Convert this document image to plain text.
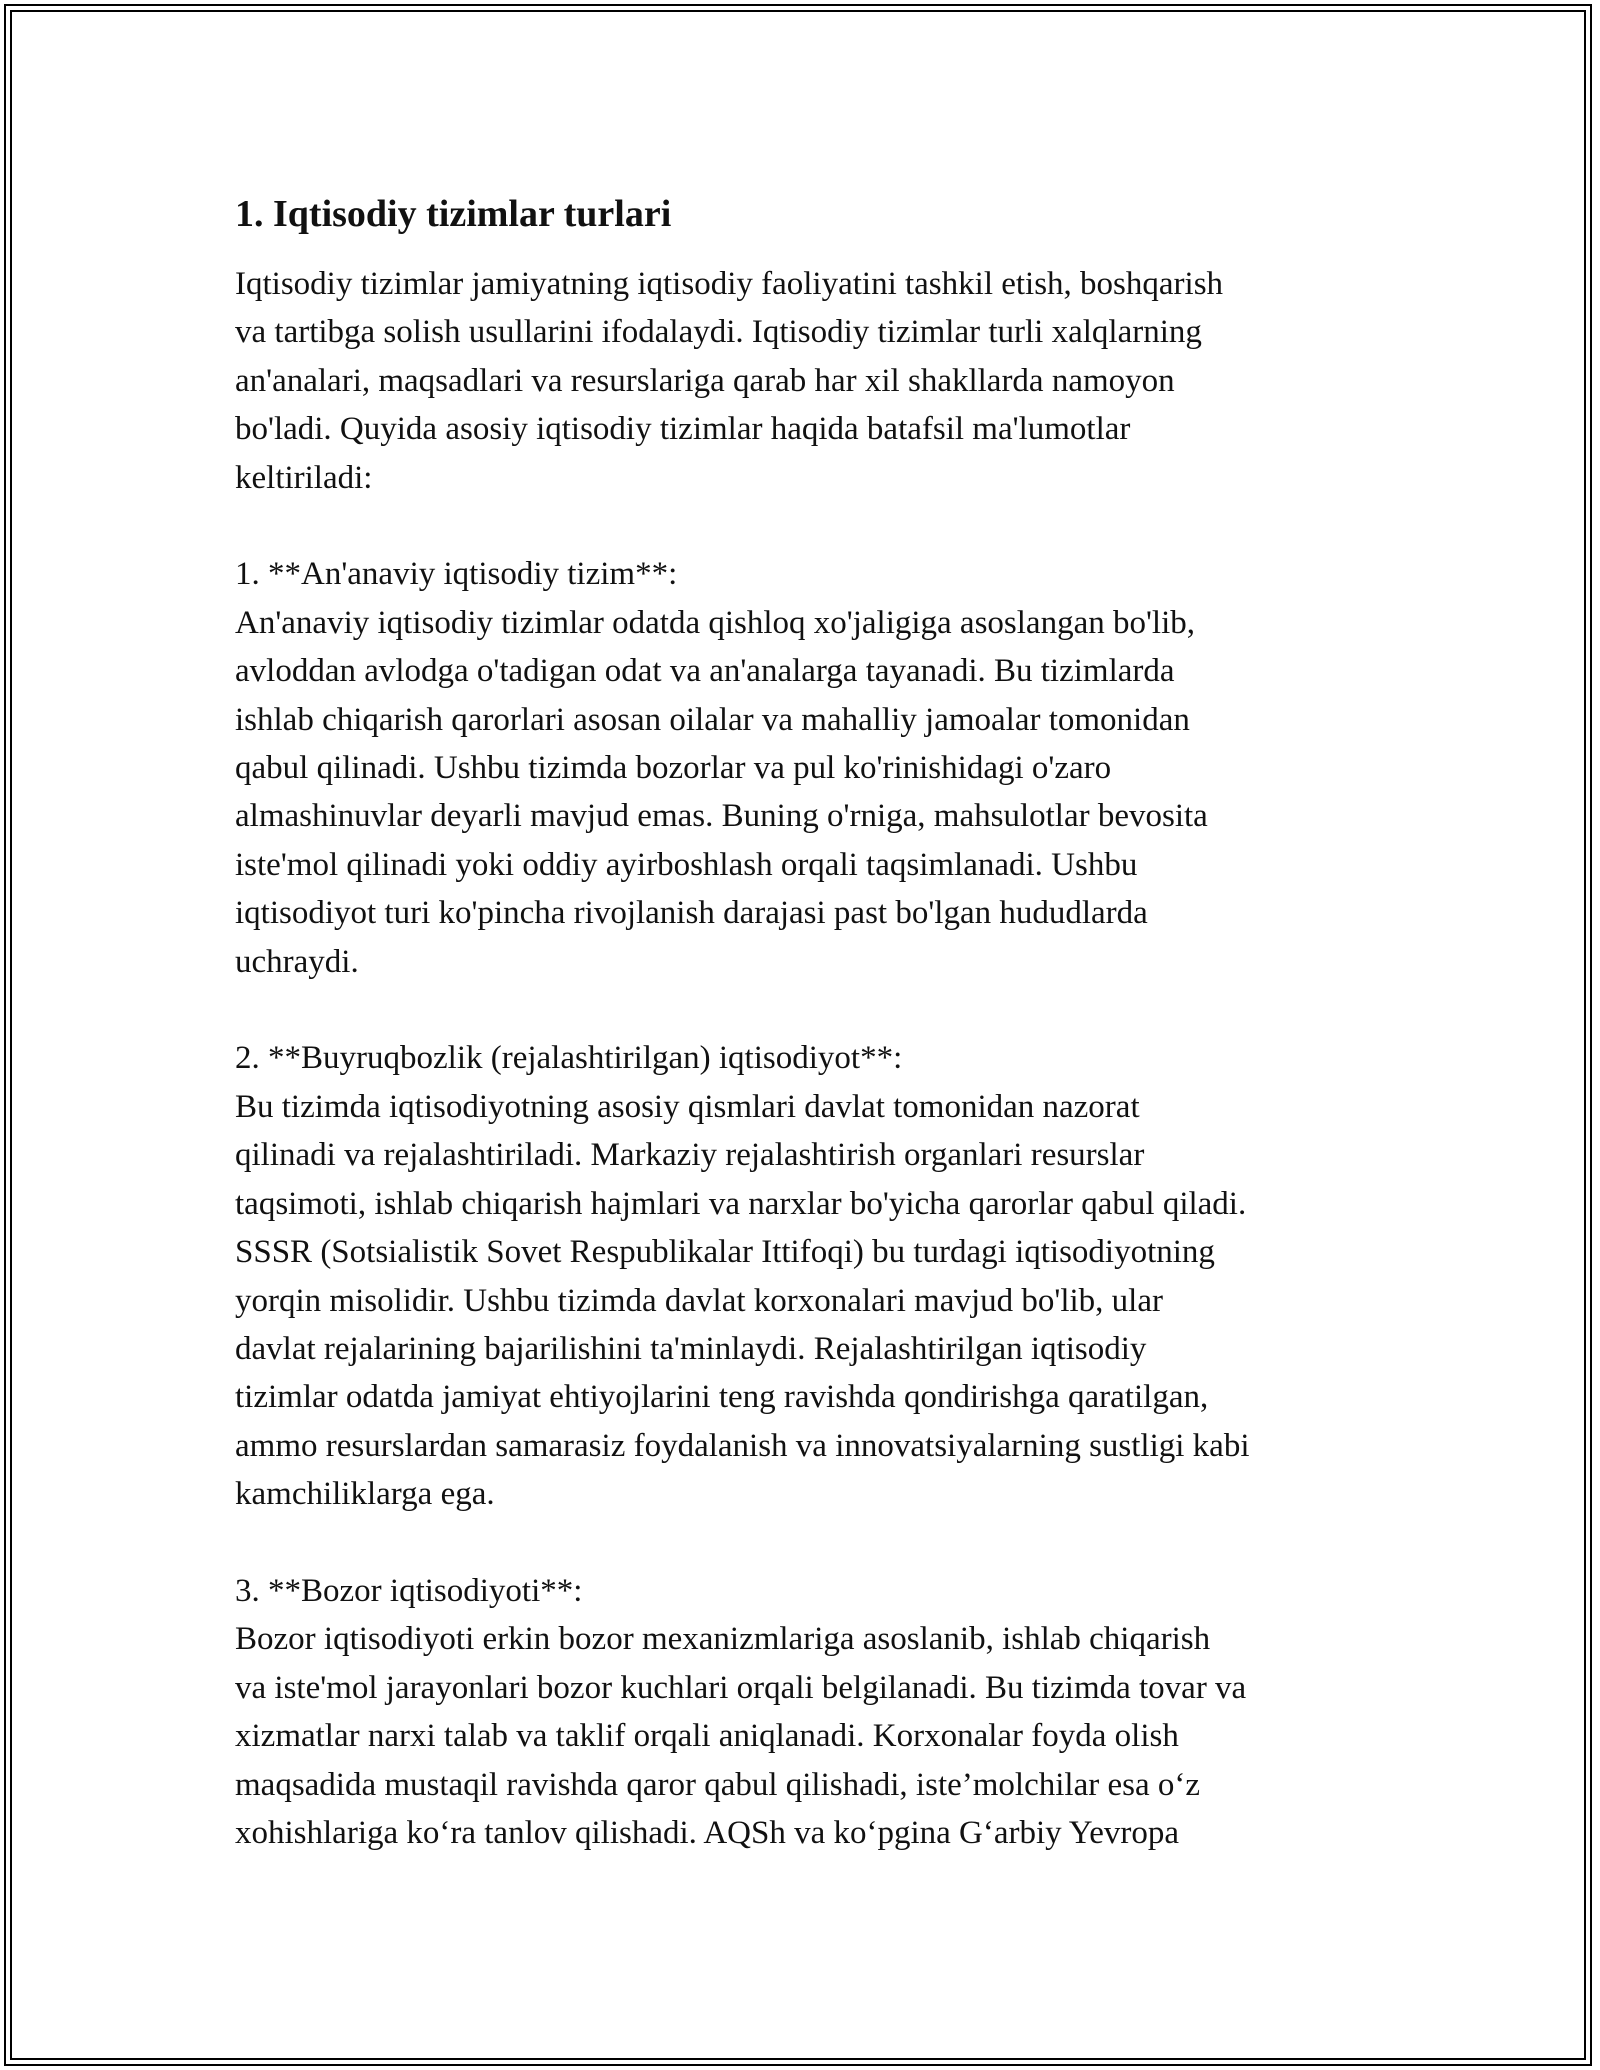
1. Iqtisodiy tizimlar turlari

Iqtisodiy tizimlar jamiyatning iqtisodiy faoliyatini tashkil etish, boshqarish
va tartibga solish usullarini ifodalaydi. Iqtisodiy tizimlar turli xalqlarning
an'analari, maqsadlari va resurslariga qarab har xil shakllarda namoyon
bo'ladi. Quyida asosiy iqtisodiy tizimlar haqida batafsil ma'lumotlar
keltiriladi:

1. **An'anaviy iqtisodiy tizim**:
An'anaviy iqtisodiy tizimlar odatda qishloq xo'jaligiga asoslangan bo'lib,
avloddan avlodga o'tadigan odat va an'analarga tayanadi. Bu tizimlarda
ishlab chiqarish qarorlari asosan oilalar va mahalliy jamoalar tomonidan
qabul qilinadi. Ushbu tizimda bozorlar va pul ko'rinishidagi o'zaro
almashinuvlar deyarli mavjud emas. Buning o'rniga, mahsulotlar bevosita
iste'mol qilinadi yoki oddiy ayirboshlash orqali taqsimlanadi. Ushbu
iqtisodiyot turi ko'pincha rivojlanish darajasi past bo'lgan hududlarda
uchraydi.
2. **Buyruqbozlik (rejalashtirilgan) iqtisodiyot**:
Bu tizimda iqtisodiyotning asosiy qismlari davlat tomonidan nazorat
qilinadi va rejalashtiriladi. Markaziy rejalashtirish organlari resurslar
taqsimoti, ishlab chiqarish hajmlari va narxlar bo'yicha qarorlar qabul qiladi.
SSSR (Sotsialistik Sovet Respublikalar Ittifoqi) bu turdagi iqtisodiyotning
yorqin misolidir. Ushbu tizimda davlat korxonalari mavjud bo'lib, ular
davlat rejalarining bajarilishini ta'minlaydi. Rejalashtirilgan iqtisodiy
tizimlar odatda jamiyat ehtiyojlarini teng ravishda qondirishga qaratilgan,
ammo resurslardan samarasiz foydalanish va innovatsiyalarning sustligi kabi
kamchiliklarga ega.
3. **Bozor iqtisodiyoti**:
Bozor iqtisodiyoti erkin bozor mexanizmlariga asoslanib, ishlab chiqarish
va iste'mol jarayonlari bozor kuchlari orqali belgilanadi. Bu tizimda tovar va
xizmatlar narxi talab va taklif orqali aniqlanadi. Korxonalar foyda olish
maqsadida mustaqil ravishda qaror qabul qilishadi, iste’molchilar esa o‘z
xohishlariga ko‘ra tanlov qilishadi. AQSh va ko‘pgina G‘arbiy Yevropa
